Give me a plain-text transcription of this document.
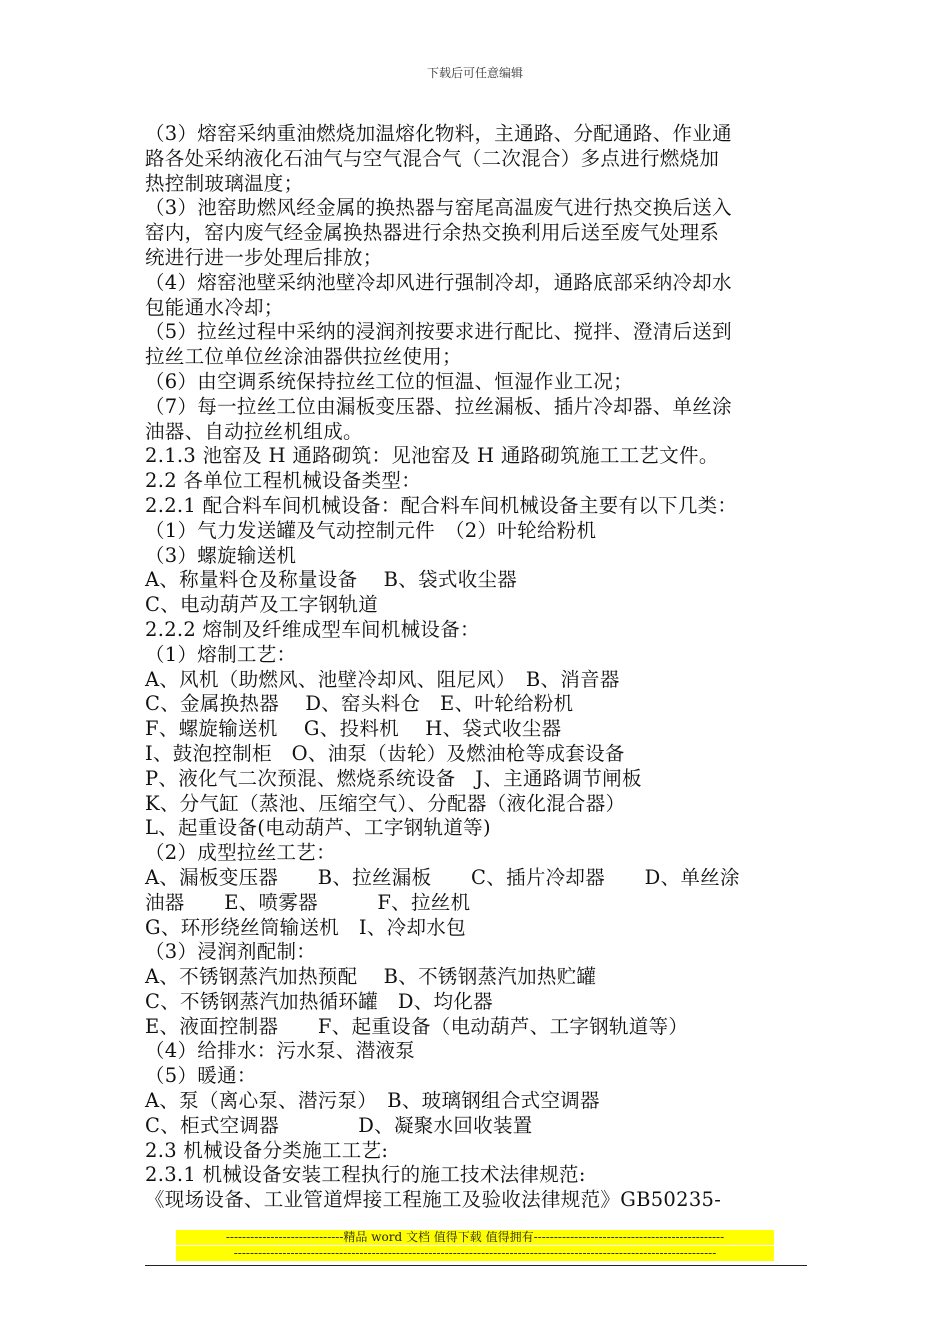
下载后可任意编辑
（3）熔窑采纳重油燃烧加温熔化物料，主通路、分配通路、作业通
路各处采纳液化石油气与空气混合气（二次混合）多点进行燃烧加
热控制玻璃温度；
（3）池窑助燃风经金属的换热器与窑尾高温废气进行热交换后送入
窑内，窑内废气经金属换热器进行余热交换利用后送至废气处理系
统进行进一步处理后排放；
（4）熔窑池壁采纳池壁冷却风进行强制冷却，通路底部采纳冷却水
包能通水冷却；
（5）拉丝过程中采纳的浸润剂按要求进行配比、搅拌、澄清后送到
拉丝工位单位丝涂油器供拉丝使用；
（6）由空调系统保持拉丝工位的恒温、恒湿作业工况；
（7）每一拉丝工位由漏板变压器、拉丝漏板、插片冷却器、单丝涂
油器、自动拉丝机组成。
2.1.3 池窑及 H 通路砌筑：见池窑及 H 通路砌筑施工工艺文件。
2.2 各单位工程机械设备类型：
2.2.1 配合料车间机械设备：配合料车间机械设备主要有以下几类：
（1）气力发送罐及气动控制元件　（2）叶轮给粉机
（3）螺旋输送机
A、称量料仓及称量设备　 B、袋式收尘器
C、电动葫芦及工字钢轨道
2.2.2 熔制及纤维成型车间机械设备：
（1）熔制工艺：
A、风机（助燃风、池壁冷却风、阻尼风）　B、消音器
C、金属换热器　 D、窑头料仓　E、叶轮给粉机
F、螺旋输送机　 G、投料机　 H、袋式收尘器
I、鼓泡控制柜　O、油泵（齿轮）及燃油枪等成套设备
P、液化气二次预混、燃烧系统设备　J、主通路调节闸板
K、分气缸（蒸池、压缩空气）、分配器（液化混合器）
L、起重设备(电动葫芦、工字钢轨道等)
（2）成型拉丝工艺：
A、漏板变压器　　B、拉丝漏板　　C、插片冷却器　　D、单丝涂
油器　　E、喷雾器　　　F、拉丝机
G、环形绕丝筒输送机　I、冷却水包
（3）浸润剂配制：
A、不锈钢蒸汽加热预配　 B、不锈钢蒸汽加热贮罐
C、不锈钢蒸汽加热循环罐　D、均化器
E、液面控制器　　F、起重设备（电动葫芦、工字钢轨道等）
（4）给排水：污水泵、潜液泵
（5）暖通：
A、泵（离心泵、潜污泵）　B、玻璃钢组合式空调器
C、柜式空调器　　　　D、凝聚水回收装置
2.3 机械设备分类施工工艺:
2.3.1 机械设备安装工程执行的施工技术法律规范:
《现场设备、工业管道焊接工程施工及验收法律规范》GB50235-
-----------------------------精品 word 文档 值得下载 值得拥有-----------------------------------------------
-----------------------------------------------------------------------------------------------------------------------
